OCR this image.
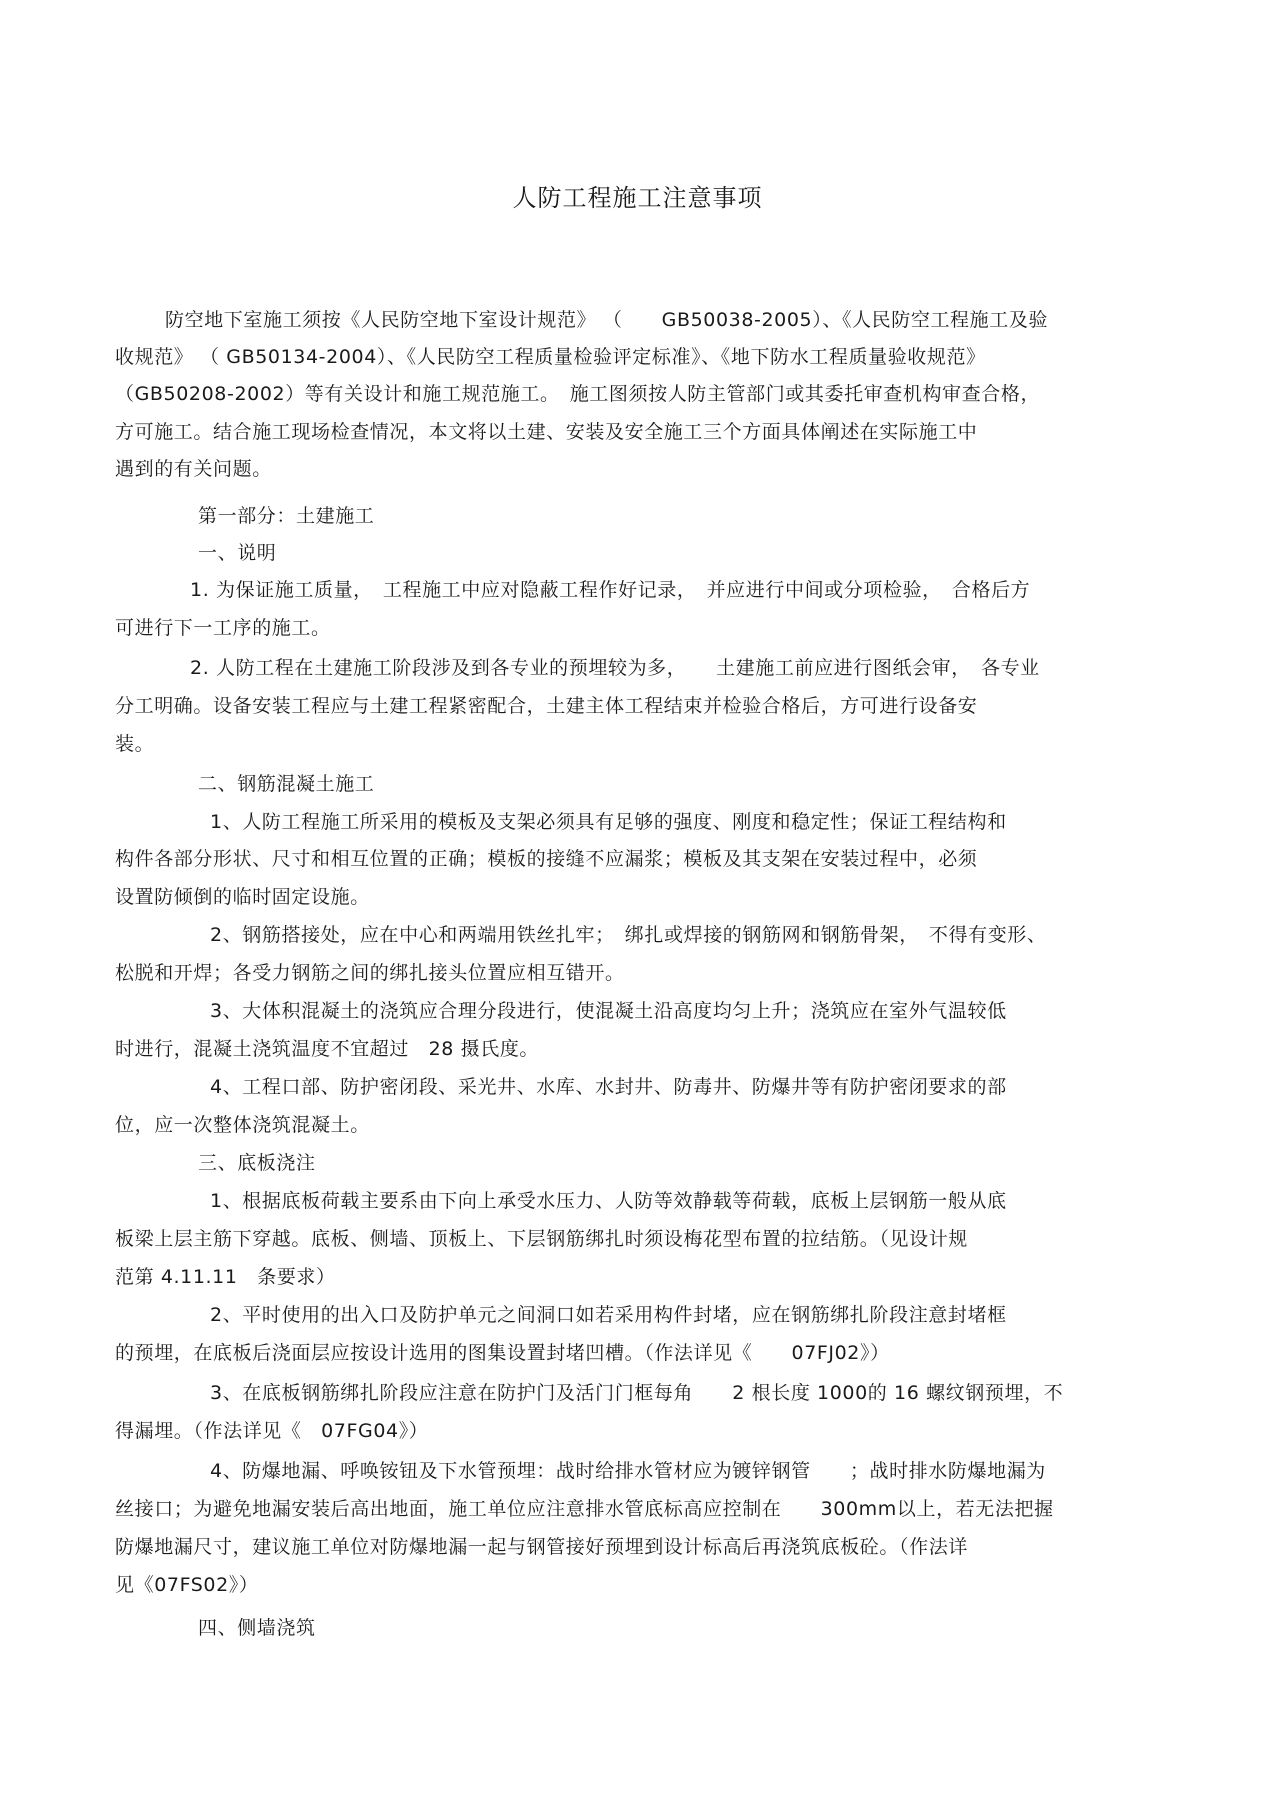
人防工程施工注意事项
防空地下室施工须按《人民防空地下室设计规范》 （　　GB50038-2005）、《人民防空工程施工及验
收规范》 （ GB50134-2004）、《人民防空工程质量检验评定标准》、《地下防水工程质量验收规范》
（GB50208-2002）等有关设计和施工规范施工。　施工图须按人防主管部门或其委托审查机构审查合格，
方可施工。结合施工现场检查情况，本文将以土建、安装及安全施工三个方面具体阐述在实际施工中
遇到的有关问题。
第一部分：土建施工
一、说明
1. 为保证施工质量，　工程施工中应对隐蔽工程作好记录，　并应进行中间或分项检验，　合格后方
可进行下一工序的施工。
2. 人防工程在土建施工阶段涉及到各专业的预埋较为多，　　土建施工前应进行图纸会审，　各专业
分工明确。设备安装工程应与土建工程紧密配合，土建主体工程结束并检验合格后，方可进行设备安
装。
二、钢筋混凝土施工
1、人防工程施工所采用的模板及支架必须具有足够的强度、刚度和稳定性；保证工程结构和
构件各部分形状、尺寸和相互位置的正确；模板的接缝不应漏浆；模板及其支架在安装过程中，必须
设置防倾倒的临时固定设施。
2、钢筋搭接处，应在中心和两端用铁丝扎牢；　绑扎或焊接的钢筋网和钢筋骨架，　不得有变形、
松脱和开焊；各受力钢筋之间的绑扎接头位置应相互错开。
3、大体积混凝土的浇筑应合理分段进行，使混凝土沿高度均匀上升；浇筑应在室外气温较低
时进行，混凝土浇筑温度不宜超过　28 摄氏度。
4、工程口部、防护密闭段、采光井、水库、水封井、防毒井、防爆井等有防护密闭要求的部
位，应一次整体浇筑混凝土。
三、底板浇注
1、根据底板荷载主要系由下向上承受水压力、人防等效静载等荷载，底板上层钢筋一般从底
板梁上层主筋下穿越。底板、侧墙、顶板上、下层钢筋绑扎时须设梅花型布置的拉结筋。（见设计规
范第 4.11.11　条要求）
2、平时使用的出入口及防护单元之间洞口如若采用构件封堵，应在钢筋绑扎阶段注意封堵框
的预埋，在底板后浇面层应按设计选用的图集设置封堵凹槽。（作法详见《　　07FJ02》）
3、在底板钢筋绑扎阶段应注意在防护门及活门门框每角　　2 根长度 1000的 16 螺纹钢预埋，不
得漏埋。（作法详见《　07FG04》）
4、防爆地漏、呼唤铵钮及下水管预埋：战时给排水管材应为镀锌钢管　　；战时排水防爆地漏为
丝接口；为避免地漏安装后高出地面，施工单位应注意排水管底标高应控制在　　300mm以上，若无法把握
防爆地漏尺寸，建议施工单位对防爆地漏一起与钢管接好预埋到设计标高后再浇筑底板砼。（作法详
见《07FS02》）
四、侧墙浇筑
